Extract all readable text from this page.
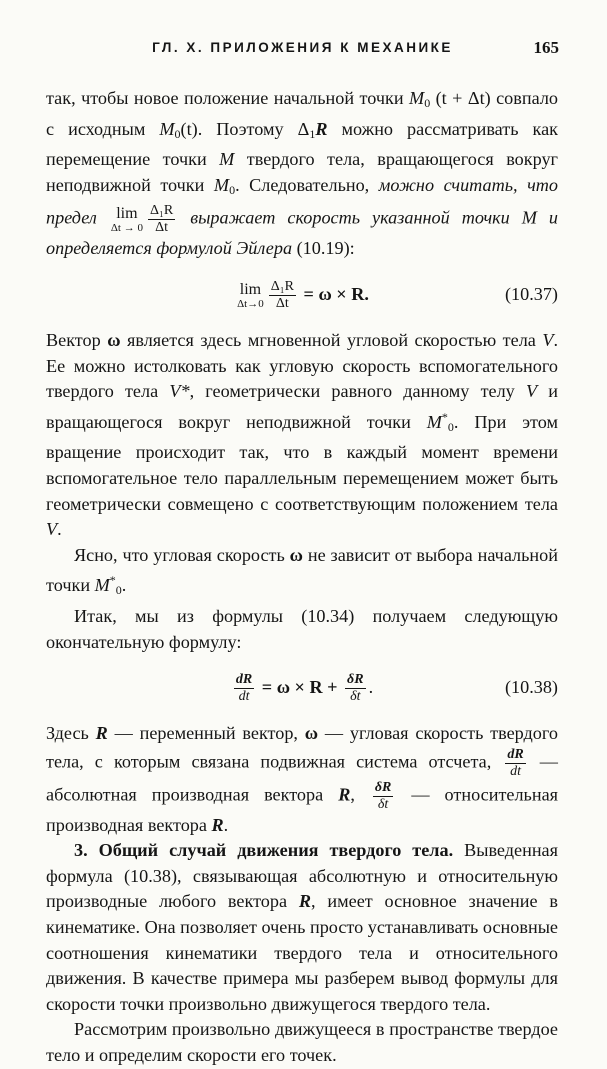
ГЛ. X. ПРИЛОЖЕНИЯ К МЕХАНИКЕ	165

так, чтобы новое положение начальной точки M0 (t + Δt) совпало с исходным M0(t). Поэтому Δ1R можно рассматривать как перемещение точки M твердого тела, вращающегося вокруг неподвижной точки M0. Следовательно, можно считать, что предел	lim
$\Delta t \to 0 \frac{\text{Δ₁R}}{\Delta t}$ выражает скорость указанной точки M и определяется формулой Эйлера (10.19):

lim
$\Delta t\to 0 \frac{\text{Δ₁R}}{\Delta t} = \omega \times R$.	(10.37)

Вектор ω является здесь мгновенной угловой скоростью тела V. Ее можно истолковать как угловую скорость вспомогательного твердого тела V*, геометрически равного данному телу V и вращающегося вокруг неподвижной точки M*0. При этом вращение происходит так, что в каждый момент времени вспомогательное тело параллельным перемещением может быть геометрически совмещено с соответствующим положением тела V.

Ясно, что угловая скорость ω не зависит от выбора начальной точки M*0.

Итак, мы из формулы (10.34) получаем следующую окончательную формулу:

$\frac{dR}{dt} = \omega \times R + \frac{\delta R}{\delta t}$ .	(10.38)

Здесь R — переменный вектор, ω — угловая скорость твердого тела, с которым связана подвижная система отсчета, $\frac{dR}{dt}$ — абсолютная производная вектора R, $\frac{\delta R}{\delta t}$ — относительная производная вектора R.

3. Общий случай движения твердого тела. Выведенная формула (10.38), связывающая абсолютную и относительную производные любого вектора R, имеет основное значение в кинематике. Она позволяет очень просто устанавливать основные соотношения кинематики твердого тела и относительного движения. В качестве примера мы разберем вывод формулы для скорости точки произвольно движущегося твердого тела.

Рассмотрим произвольно движущееся в пространстве твердое тело и определим скорости его точек.
